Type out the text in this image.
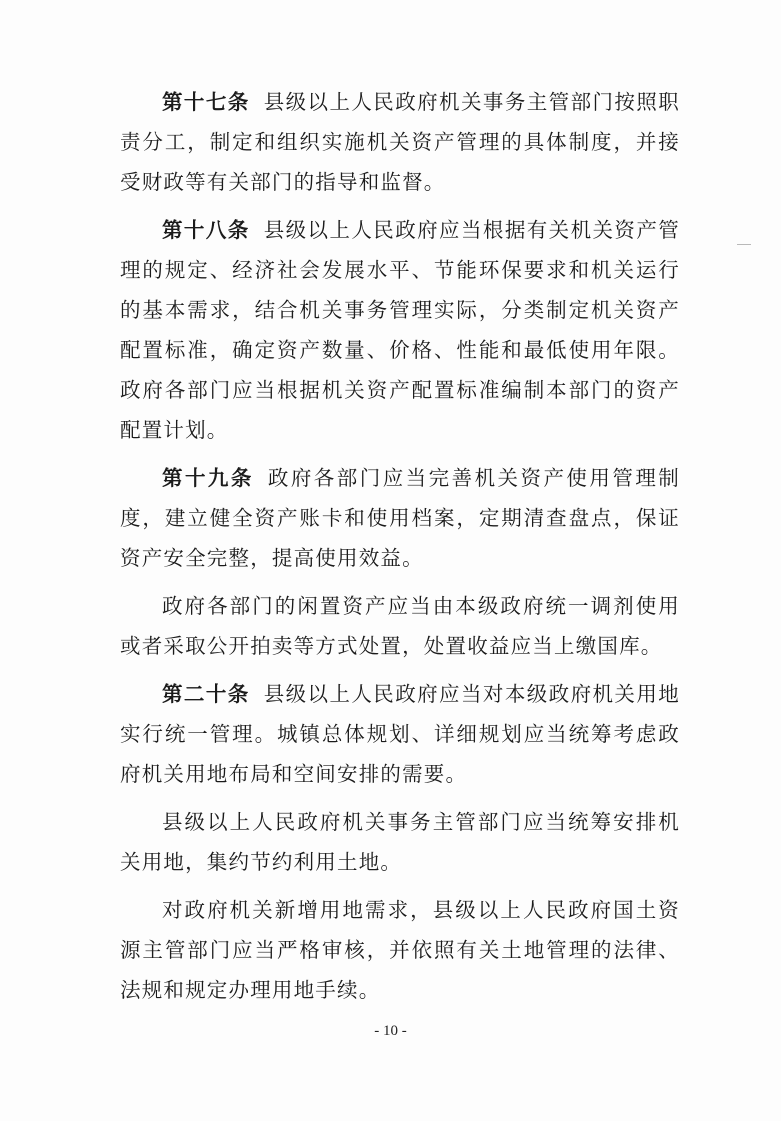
第十七条 县级以上人民政府机关事务主管部门按照职责分工，制定和组织实施机关资产管理的具体制度，并接受财政等有关部门的指导和监督。

第十八条 县级以上人民政府应当根据有关机关资产管理的规定、经济社会发展水平、节能环保要求和机关运行的基本需求，结合机关事务管理实际，分类制定机关资产配置标准，确定资产数量、价格、性能和最低使用年限。政府各部门应当根据机关资产配置标准编制本部门的资产配置计划。

第十九条 政府各部门应当完善机关资产使用管理制度，建立健全资产账卡和使用档案，定期清查盘点，保证资产安全完整，提高使用效益。

政府各部门的闲置资产应当由本级政府统一调剂使用或者采取公开拍卖等方式处置，处置收益应当上缴国库。

第二十条 县级以上人民政府应当对本级政府机关用地实行统一管理。城镇总体规划、详细规划应当统筹考虑政府机关用地布局和空间安排的需要。

县级以上人民政府机关事务主管部门应当统筹安排机关用地，集约节约利用土地。

对政府机关新增用地需求，县级以上人民政府国土资源主管部门应当严格审核，并依照有关土地管理的法律、法规和规定办理用地手续。

- 10 -
